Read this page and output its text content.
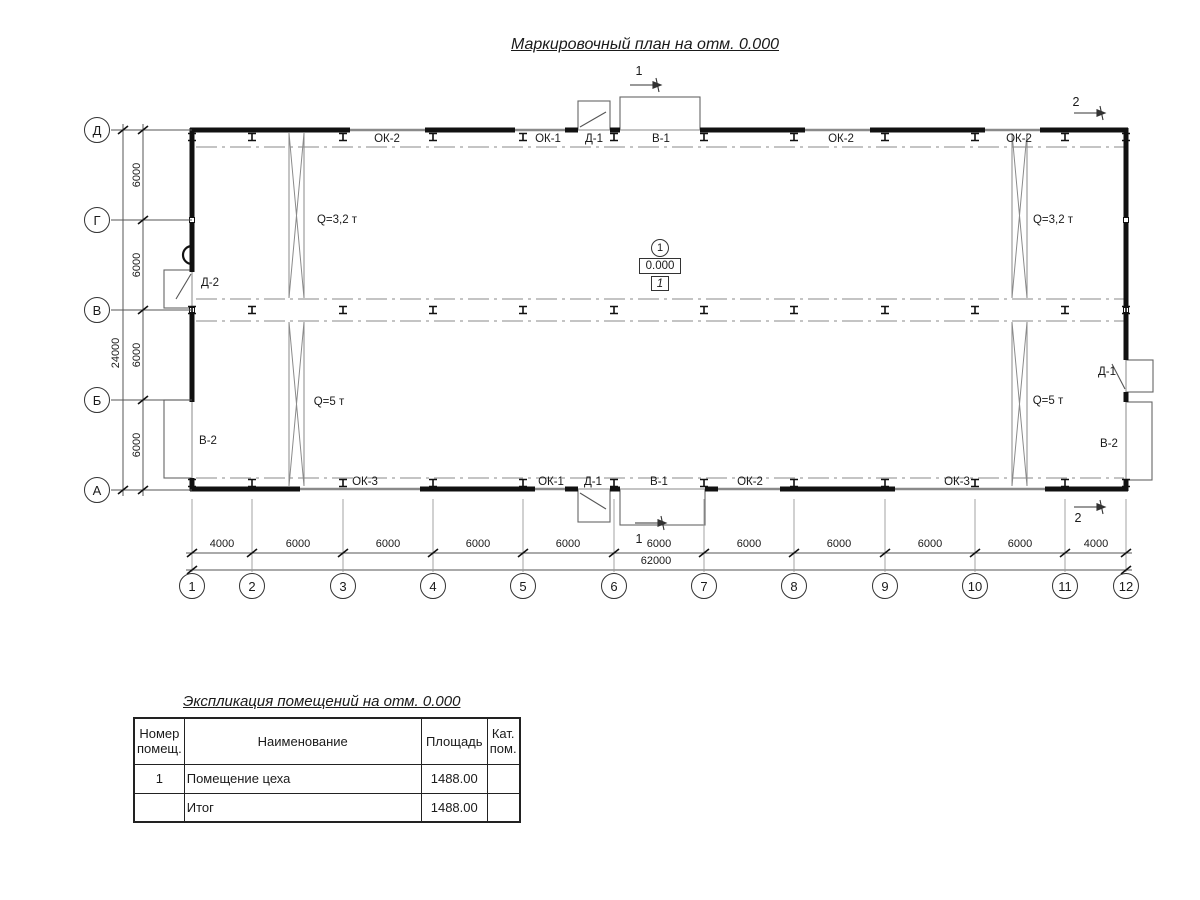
Маркировочный план на отм. 0.000
Д
Г
В
Б
А
1	2	3	4	5	6	7	8	9	10	11	12
ОК-2	ОК-1 Д-1	В-1	ОК-2	ОК-2
ОК-3	ОК-1 Д-1	В-1	ОК-2	ОК-3
Д-2
В-2
Д-1
В-2
Q=3,2 т
Q=5 т
Q=3,2 т
Q=5 т
1
0.000
1
1
1
2
2
6000
6000
6000
6000
24000
4000	6000	6000	6000	6000	6000	6000	6000	6000	6000	4000
62000
Экспликация помещений на отм. 0.000
Номер помещ.	Наименование	Площадь	Кат. пом.
1	Помещение цеха	1488.00	
	Итог	1488.00	
